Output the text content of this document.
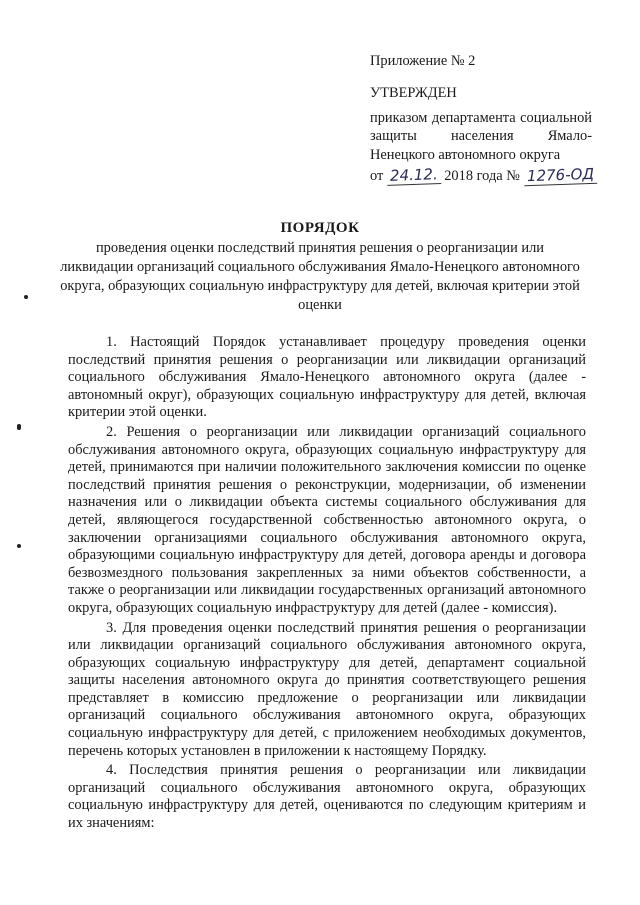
Приложение № 2
УТВЕРЖДЕН
приказом департамента социальной защиты населения Ямало-Ненецкого автономного округа
от 24.12. 2018 года № 1276-ОД
ПОРЯДОК
проведения оценки последствий принятия решения о реорганизации или ликвидации организаций социального обслуживания Ямало-Ненецкого автономного округа, образующих социальную инфраструктуру для детей, включая критерии этой оценки

1. Настоящий Порядок устанавливает процедуру проведения оценки последствий принятия решения о реорганизации или ликвидации организаций социального обслуживания Ямало-Ненецкого автономного округа (далее - автономный округ), образующих социальную инфраструктуру для детей, включая критерии этой оценки.

2. Решения о реорганизации или ликвидации организаций социального обслуживания автономного округа, образующих социальную инфраструктуру для детей, принимаются при наличии положительного заключения комиссии по оценке последствий принятия решения о реконструкции, модернизации, об изменении назначения или о ликвидации объекта системы социального обслуживания для детей, являющегося государственной собственностью автономного округа, о заключении организациями социального обслуживания автономного округа, образующими социальную инфраструктуру для детей, договора аренды и договора безвозмездного пользования закрепленных за ними объектов собственности, а также о реорганизации или ликвидации государственных организаций автономного округа, образующих социальную инфраструктуру для детей (далее - комиссия).

3. Для проведения оценки последствий принятия решения о реорганизации или ликвидации организаций социального обслуживания автономного округа, образующих социальную инфраструктуру для детей, департамент социальной защиты населения автономного округа до принятия соответствующего решения представляет в комиссию предложение о реорганизации или ликвидации организаций социального обслуживания автономного округа, образующих социальную инфраструктуру для детей, с приложением необходимых документов, перечень которых установлен в приложении к настоящему Порядку.

4. Последствия принятия решения о реорганизации или ликвидации организаций социального обслуживания автономного округа, образующих социальную инфраструктуру для детей, оцениваются по следующим критериям и их значениям:
